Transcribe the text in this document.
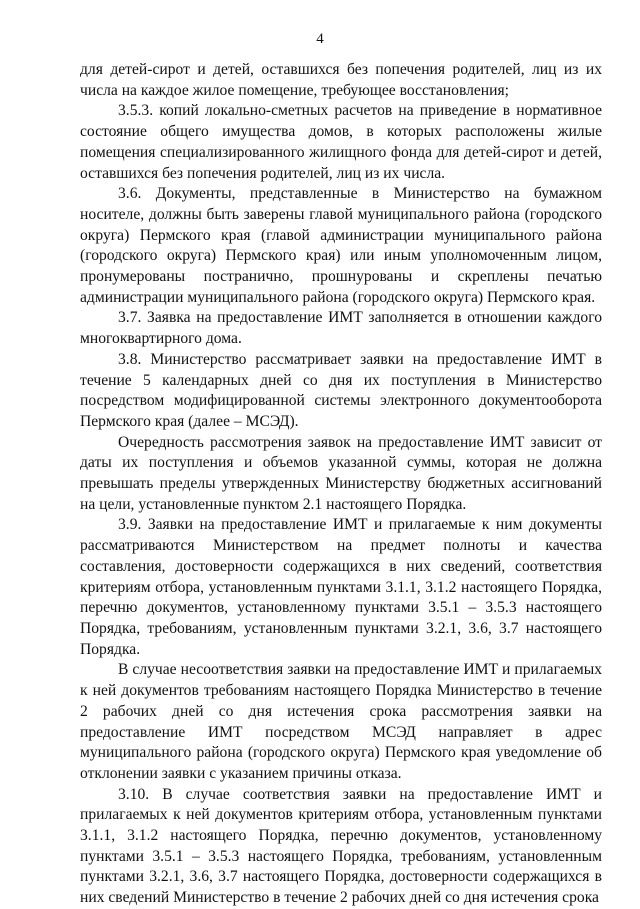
4

для детей-сирот и детей, оставшихся без попечения родителей, лиц из их числа на каждое жилое помещение, требующее восстановления;

3.5.3. копий локально-сметных расчетов на приведение в нормативное состояние общего имущества домов, в которых расположены жилые помещения специализированного жилищного фонда для детей-сирот и детей, оставшихся без попечения родителей, лиц из их числа.

3.6. Документы, представленные в Министерство на бумажном носителе, должны быть заверены главой муниципального района (городского округа) Пермского края (главой администрации муниципального района (городского округа) Пермского края) или иным уполномоченным лицом, пронумерованы постранично, прошнурованы и скреплены печатью администрации муниципального района (городского округа) Пермского края.

3.7. Заявка на предоставление ИМТ заполняется в отношении каждого многоквартирного дома.

3.8. Министерство рассматривает заявки на предоставление ИМТ в течение 5 календарных дней со дня их поступления в Министерство посредством модифицированной системы электронного документооборота Пермского края (далее – МСЭД).

Очередность рассмотрения заявок на предоставление ИМТ зависит от даты их поступления и объемов указанной суммы, которая не должна превышать пределы утвержденных Министерству бюджетных ассигнований на цели, установленные пунктом 2.1 настоящего Порядка.

3.9. Заявки на предоставление ИМТ и прилагаемые к ним документы рассматриваются Министерством на предмет полноты и качества составления, достоверности содержащихся в них сведений, соответствия критериям отбора, установленным пунктами 3.1.1, 3.1.2 настоящего Порядка, перечню документов, установленному пунктами 3.5.1 – 3.5.3 настоящего Порядка, требованиям, установленным пунктами 3.2.1, 3.6, 3.7 настоящего Порядка.

В случае несоответствия заявки на предоставление ИМТ и прилагаемых к ней документов требованиям настоящего Порядка Министерство в течение 2 рабочих дней со дня истечения срока рассмотрения заявки на предоставление ИМТ посредством МСЭД направляет в адрес муниципального района (городского округа) Пермского края уведомление об отклонении заявки с указанием причины отказа.

3.10. В случае соответствия заявки на предоставление ИМТ и прилагаемых к ней документов критериям отбора, установленным пунктами 3.1.1, 3.1.2 настоящего Порядка, перечню документов, установленному пунктами 3.5.1 – 3.5.3 настоящего Порядка, требованиям, установленным пунктами 3.2.1, 3.6, 3.7 настоящего Порядка, достоверности содержащихся в них сведений Министерство в течение 2 рабочих дней со дня истечения срока
